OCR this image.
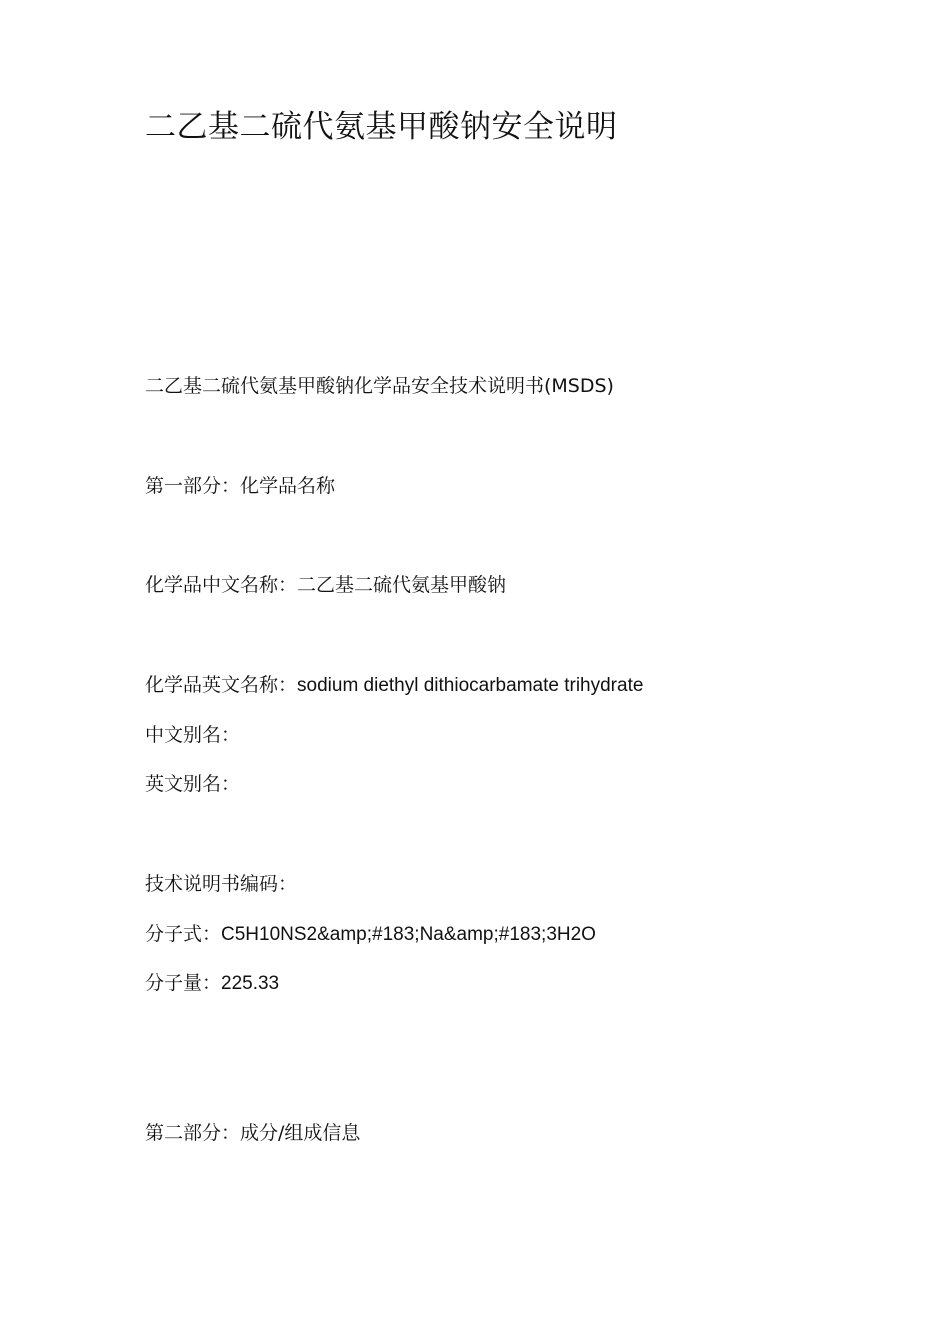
二乙基二硫代氨基甲酸钠安全说明

二乙基二硫代氨基甲酸钠化学品安全技术说明书(MSDS)

第一部分：化学品名称

化学品中文名称：二乙基二硫代氨基甲酸钠

化学品英文名称：sodium diethyl dithiocarbamate trihydrate

中文别名：

英文别名：

技术说明书编码：

分子式：C5H10NS2&amp;#183;Na&amp;#183;3H2O

分子量：225.33

第二部分：成分/组成信息
